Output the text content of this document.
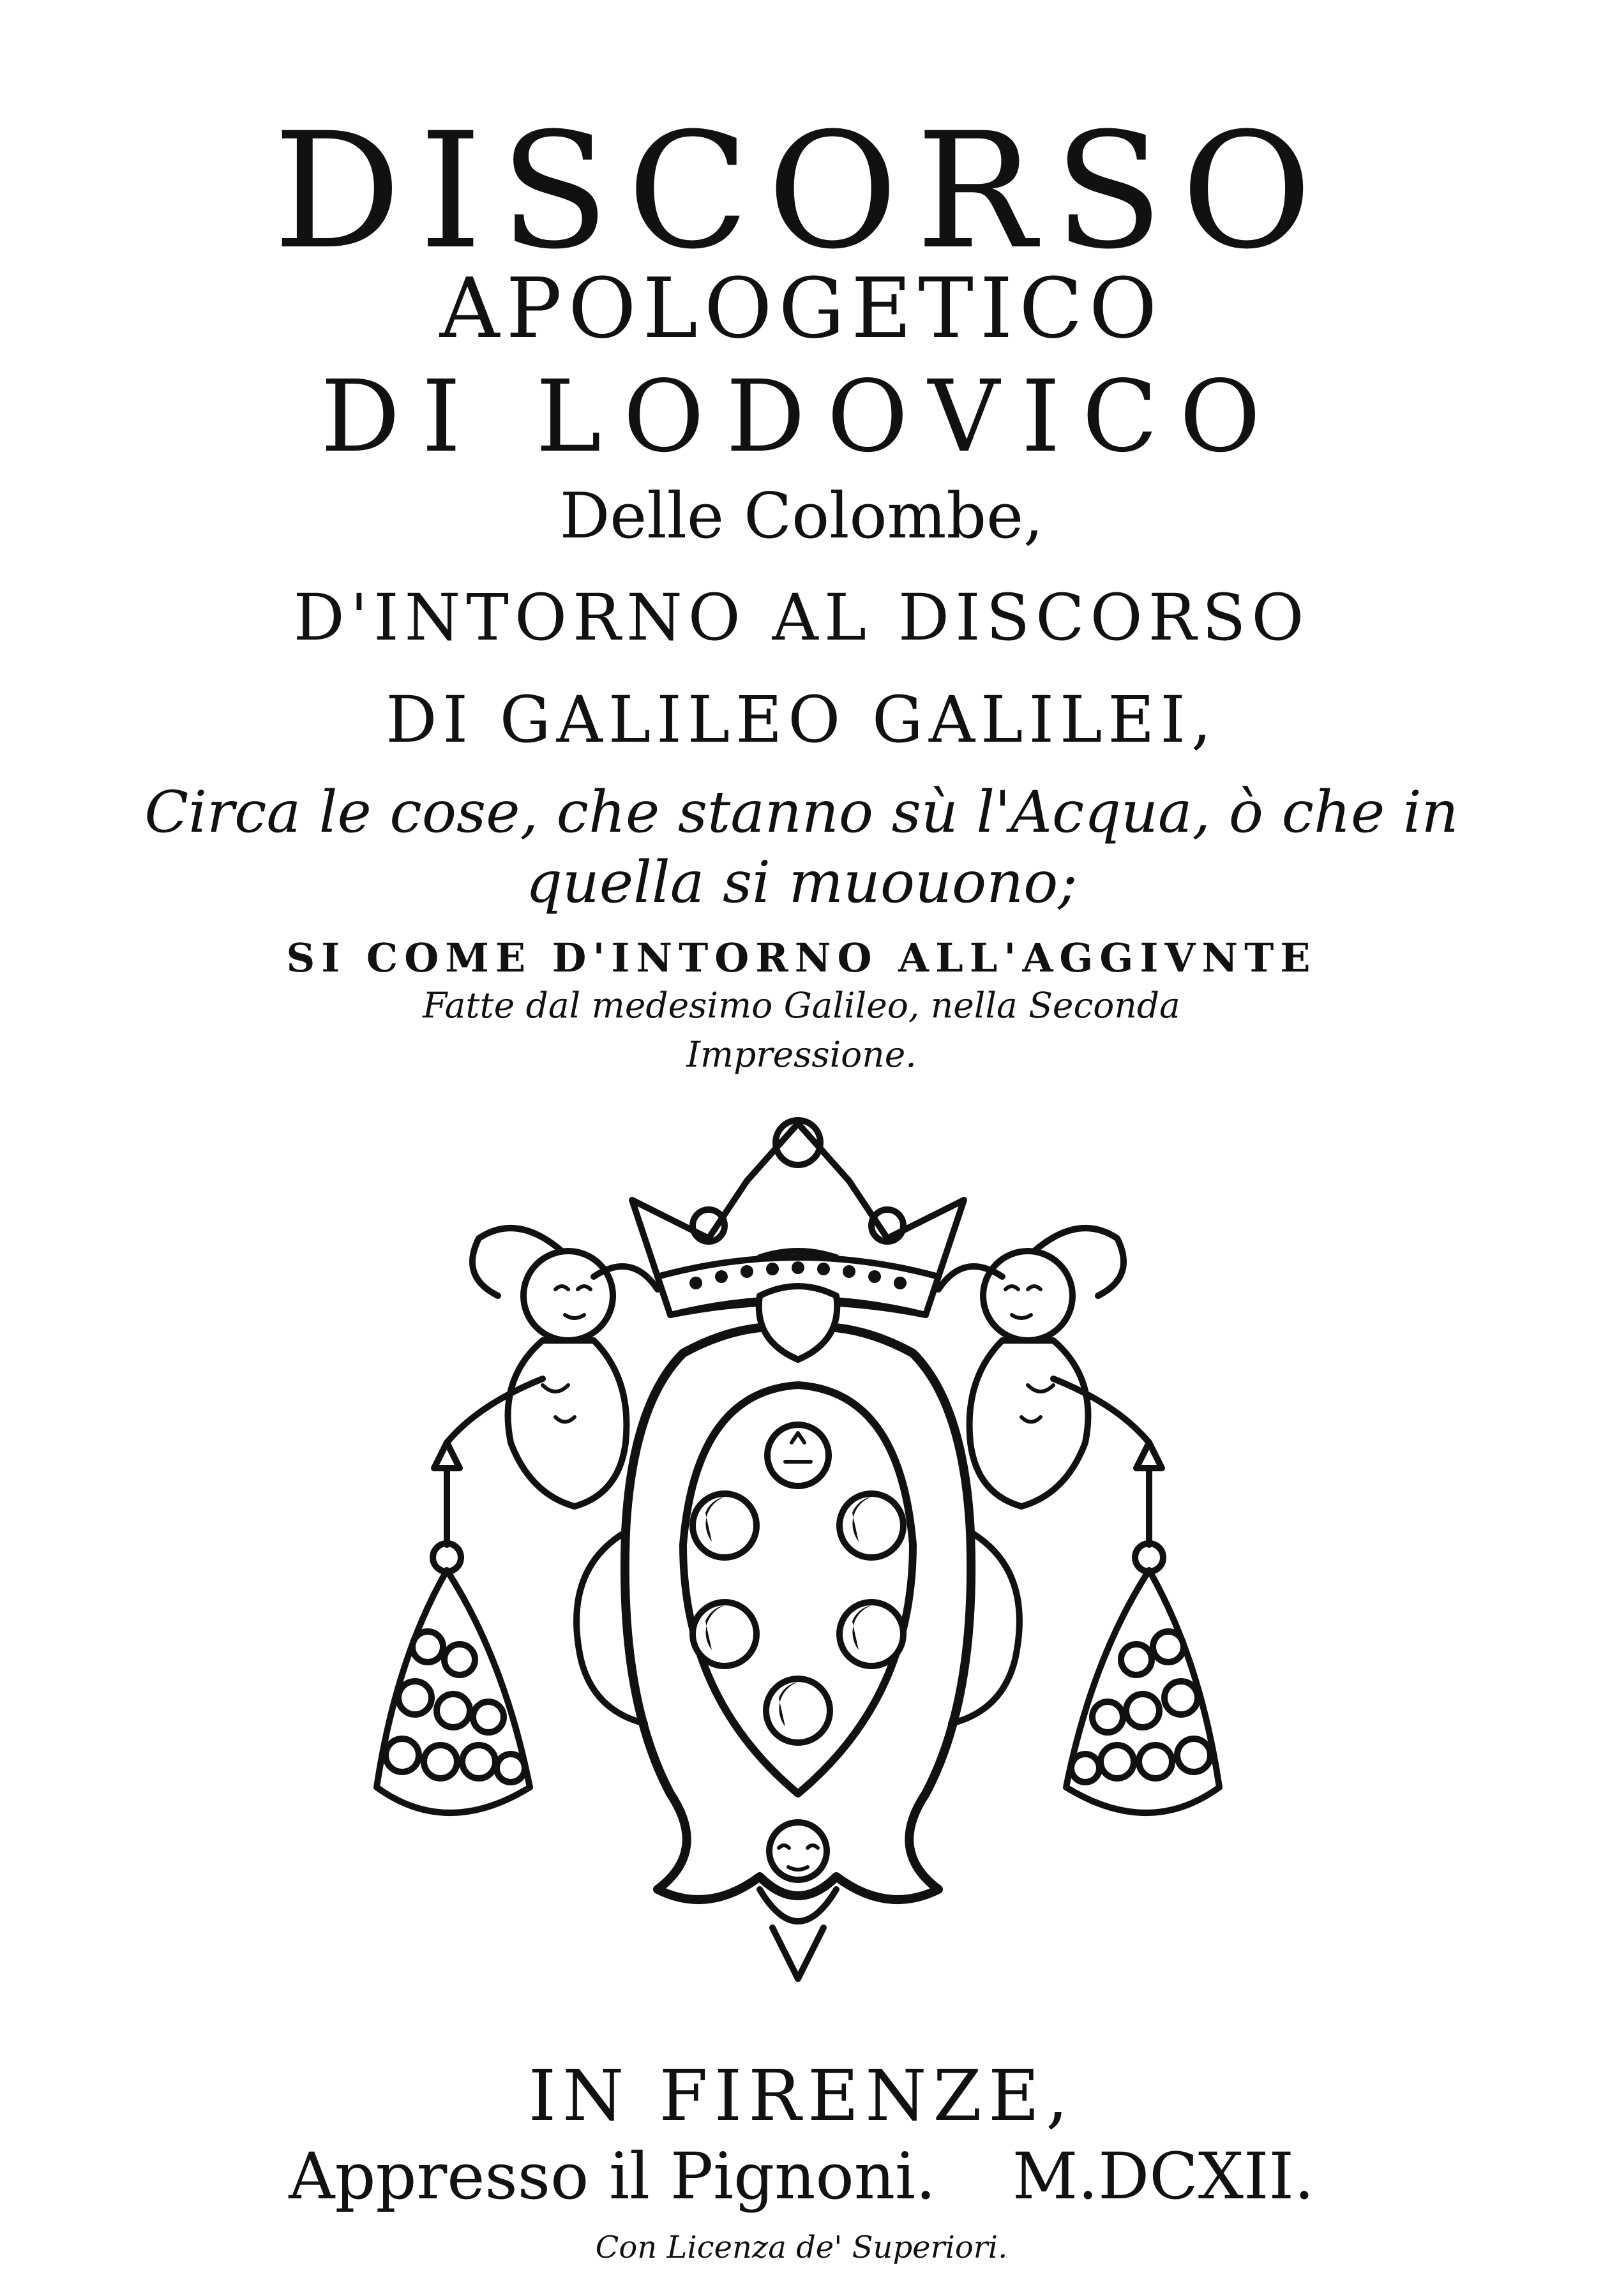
DISCORSO
APOLOGETICO
DI LODOVICO
Delle Colombe,
D'INTORNO AL DISCORSO
DI GALILEO GALILEI,
Circa le cose, che stanno sù l'Acqua, ò che in
quella si muouono;
SI COME D'INTORNO ALL'AGGIVNTE
Fatte dal medesimo Galileo, nella Seconda
Impressione.
IN FIRENZE,
Appresso il Pignoni. M.DCXII.
Con Licenza de' Superiori.
